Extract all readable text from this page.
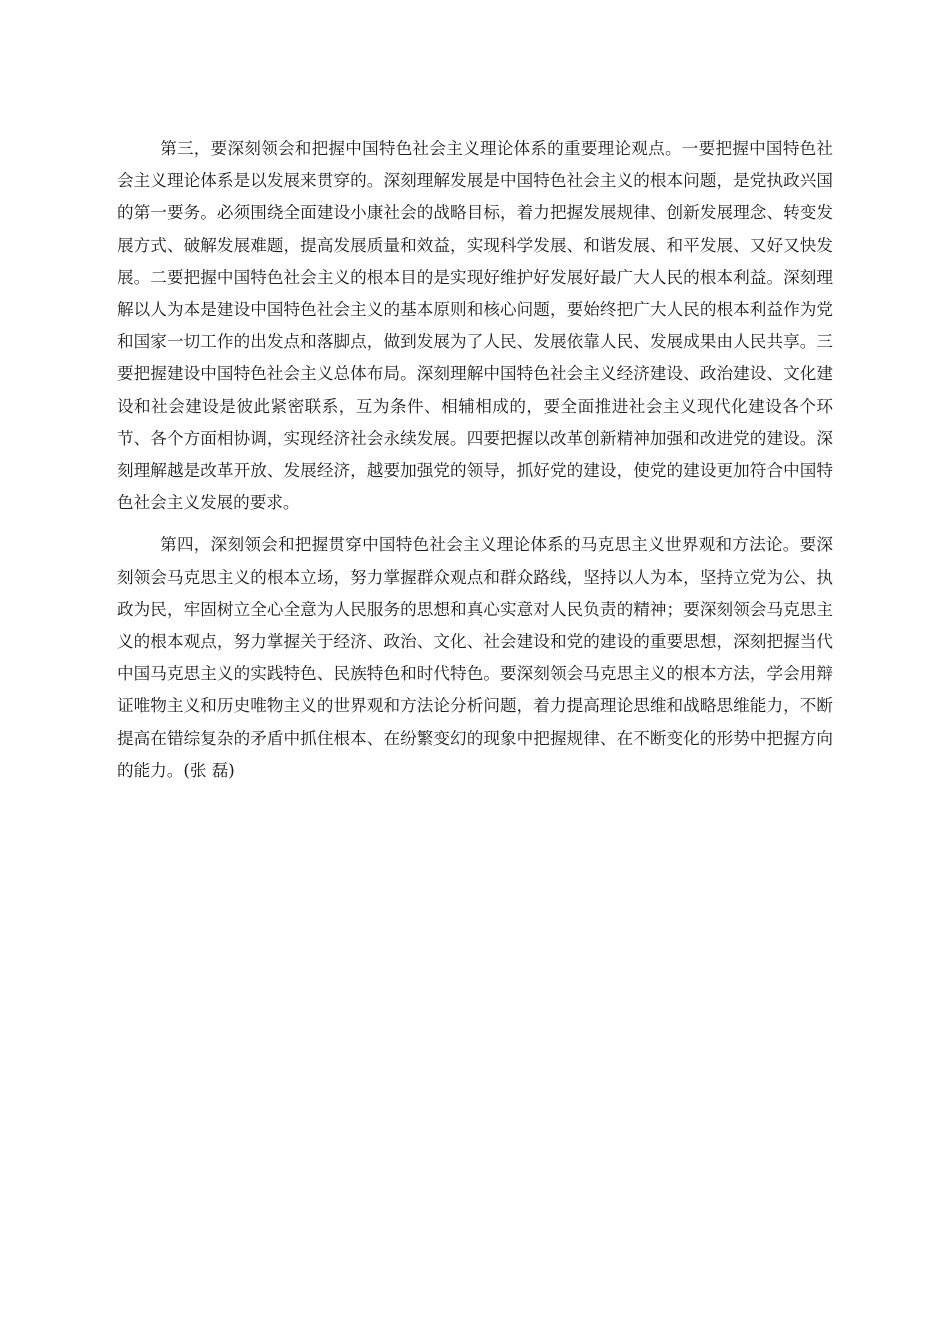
第三，要深刻领会和把握中国特色社会主义理论体系的重要理论观点。一要把握中国特色社会主义理论体系是以发展来贯穿的。深刻理解发展是中国特色社会主义的根本问题，是党执政兴国的第一要务。必须围绕全面建设小康社会的战略目标，着力把握发展规律、创新发展理念、转变发展方式、破解发展难题，提高发展质量和效益，实现科学发展、和谐发展、和平发展、又好又快发展。二要把握中国特色社会主义的根本目的是实现好维护好发展好最广大人民的根本利益。深刻理解以人为本是建设中国特色社会主义的基本原则和核心问题，要始终把广大人民的根本利益作为党和国家一切工作的出发点和落脚点，做到发展为了人民、发展依靠人民、发展成果由人民共享。三要把握建设中国特色社会主义总体布局。深刻理解中国特色社会主义经济建设、政治建设、文化建设和社会建设是彼此紧密联系，互为条件、相辅相成的，要全面推进社会主义现代化建设各个环节、各个方面相协调，实现经济社会永续发展。四要把握以改革创新精神加强和改进党的建设。深刻理解越是改革开放、发展经济，越要加强党的领导，抓好党的建设，使党的建设更加符合中国特色社会主义发展的要求。

第四，深刻领会和把握贯穿中国特色社会主义理论体系的马克思主义世界观和方法论。要深刻领会马克思主义的根本立场，努力掌握群众观点和群众路线，坚持以人为本，坚持立党为公、执政为民，牢固树立全心全意为人民服务的思想和真心实意对人民负责的精神；要深刻领会马克思主义的根本观点，努力掌握关于经济、政治、文化、社会建设和党的建设的重要思想，深刻把握当代中国马克思主义的实践特色、民族特色和时代特色。要深刻领会马克思主义的根本方法，学会用辩证唯物主义和历史唯物主义的世界观和方法论分析问题，着力提高理论思维和战略思维能力，不断提高在错综复杂的矛盾中抓住根本、在纷繁变幻的现象中把握规律、在不断变化的形势中把握方向的能力。(张 磊)
